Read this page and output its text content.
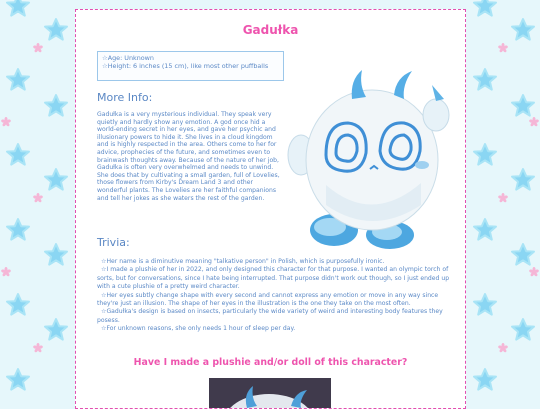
Gadułka
☆Age: Unknown
☆Height: 6 inches (15 cm), like most other puffballs
More Info:
Gadułka is a very mysterious individual. They speak very quietly and hardly show any emotion. A god once hid a world-ending secret in her eyes, and gave her psychic and illusionary powers to hide it. She lives in a cloud kingdom and is highly respected in the area. Others come to her for advice, prophecies of the future, and sometimes even to brainwash thoughts away. Because of the nature of her job, Gadułka is often very overwhelmed and needs to unwind. She does that by cultivating a small garden, full of Lovelies, those flowers from Kirby's Dream Land 3 and other wonderful plants. The Lovelies are her faithful companions and tell her jokes as she waters the rest of the garden.
Trivia:

☆Her name is a diminutive meaning "talkative person" in Polish, which is purposefully ironic.

☆I made a plushie of her in 2022, and only designed this character for that purpose. I wanted an olympic torch of sorts, but for conversations, since I hate being interrupted. That purpose didn't work out though, so I just ended up with a cute plushie of a pretty weird character.

☆Her eyes subtly change shape with every second and cannot express any emotion or move in any way since they're just an illusion. The shape of her eyes in the illustration is the one they take on the most often.

☆Gadułka's design is based on insects, particularly the wide variety of weird and interesting body features they posess.

☆For unknown reasons, she only needs 1 hour of sleep per day.

Have I made a plushie and/or doll of this character?
